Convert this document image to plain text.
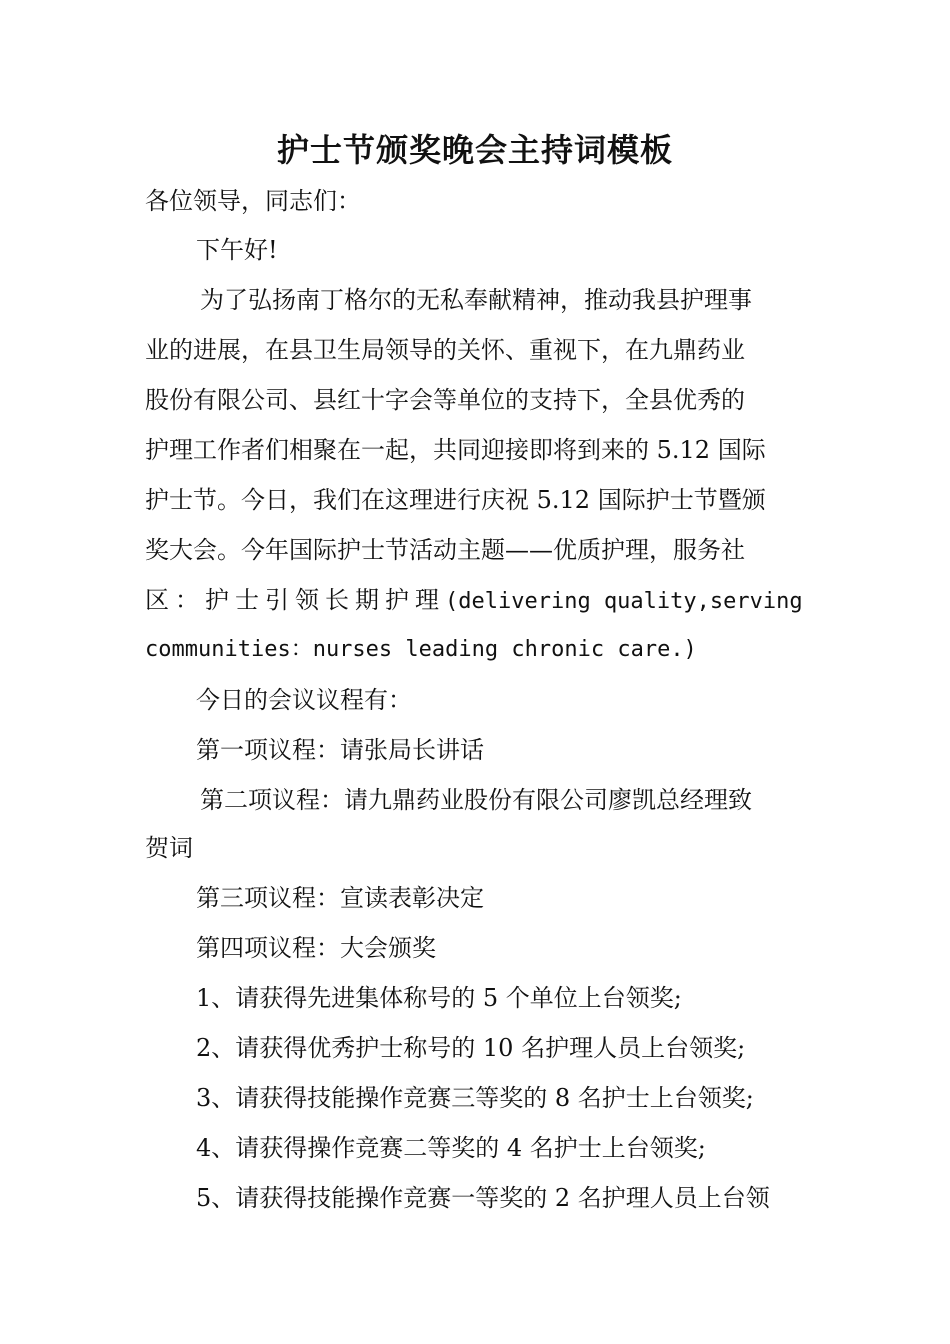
护士节颁奖晚会主持词模板
各位领导，同志们：
下午好!
为了弘扬南丁格尔的无私奉献精神，推动我县护理事
业的进展，在县卫生局领导的关怀、重视下，在九鼎药业
股份有限公司、县红十字会等单位的支持下，全县优秀的
护理工作者们相聚在一起，共同迎接即将到来的 5.12 国际
护士节。今日，我们在这理进行庆祝 5.12 国际护士节暨颁
奖大会。今年国际护士节活动主题——优质护理，服务社
区：护士引领长期护理(delivering quality,serving
communities：nurses leading chronic care.)
今日的会议议程有：
第一项议程：请张局长讲话
第二项议程：请九鼎药业股份有限公司廖凯总经理致
贺词
第三项议程：宣读表彰决定
第四项议程：大会颁奖
1、请获得先进集体称号的 5 个单位上台领奖;
2、请获得优秀护士称号的 10 名护理人员上台领奖;
3、请获得技能操作竞赛三等奖的 8 名护士上台领奖;
4、请获得操作竞赛二等奖的 4 名护士上台领奖;
5、请获得技能操作竞赛一等奖的 2 名护理人员上台领
